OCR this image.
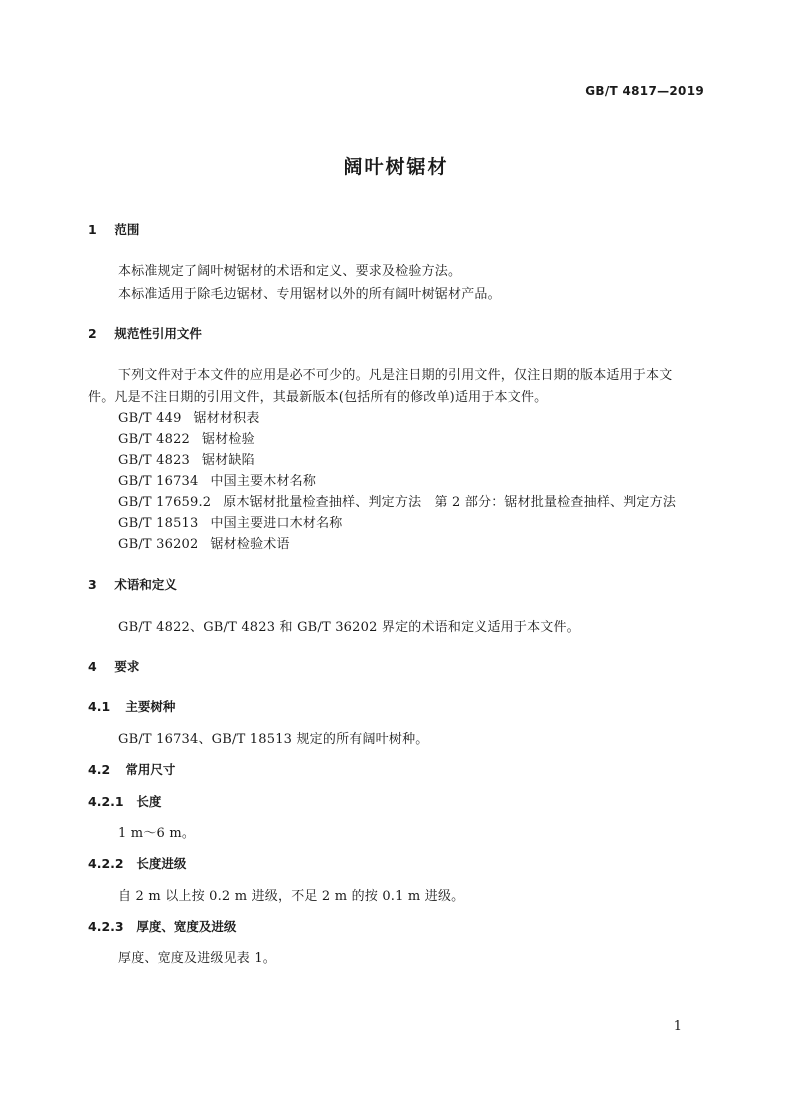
GB/T 4817—2019
阔叶树锯材
1 范围
本标准规定了阔叶树锯材的术语和定义、要求及检验方法。
本标准适用于除毛边锯材、专用锯材以外的所有阔叶树锯材产品。
2 规范性引用文件
下列文件对于本文件的应用是必不可少的。凡是注日期的引用文件，仅注日期的版本适用于本文
件。凡是不注日期的引用文件，其最新版本(包括所有的修改单)适用于本文件。
GB/T 449 锯材材积表
GB/T 4822 锯材检验
GB/T 4823 锯材缺陷
GB/T 16734 中国主要木材名称
GB/T 17659.2 原木锯材批量检查抽样、判定方法　第 2 部分：锯材批量检查抽样、判定方法
GB/T 18513 中国主要进口木材名称
GB/T 36202 锯材检验术语
3 术语和定义
GB/T 4822、GB/T 4823 和 GB/T 36202 界定的术语和定义适用于本文件。
4 要求
4.1 主要树种
GB/T 16734、GB/T 18513 规定的所有阔叶树种。
4.2 常用尺寸
4.2.1 长度
1 m～6 m。
4.2.2 长度进级
自 2 m 以上按 0.2 m 进级，不足 2 m 的按 0.1 m 进级。
4.2.3 厚度、宽度及进级
厚度、宽度及进级见表 1。
1
